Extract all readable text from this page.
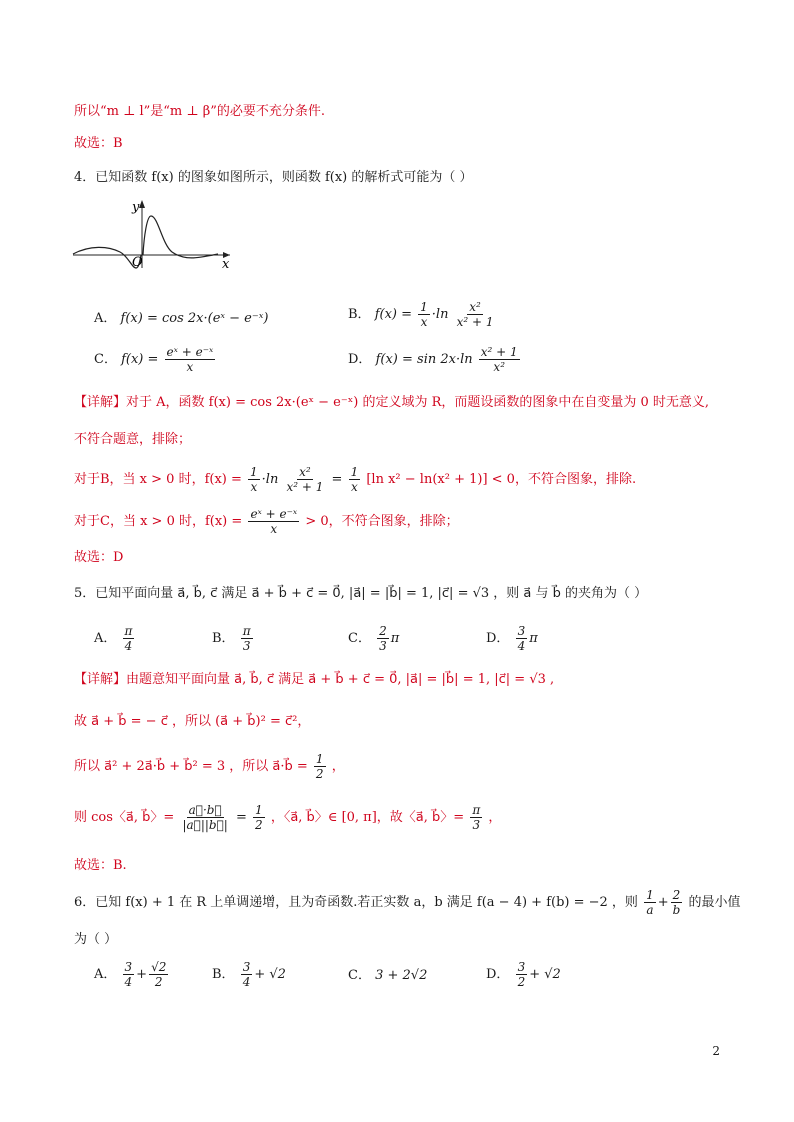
所以“m ⊥ l”是“m ⊥ β”的必要不充分条件.
故选：B
4．已知函数 f(x) 的图象如图所示，则函数 f(x) 的解析式可能为（ ）
y
x
O
A． f(x) = cos 2x·(eˣ − e⁻ˣ)	B． $f(x) = \frac{1}{x} \cdot\ln \frac{\text{x²}}{\text{x² + 1}}$
C． $f(x) = \frac{\text{eˣ + e⁻ˣ}}{x}$	D． $f(x) = \sin 2x\cdot\ln \frac{\text{x² + 1}}{\text{x²}}$
【详解】对于 A，函数 f(x) = cos 2x·(eˣ − e⁻ˣ) 的定义域为 R，而题设函数的图象中在自变量为 0 时无意义,
不符合题意，排除；
对于B，当 x > 0 时，$f(x) = \frac{1}{x} \cdot\ln \frac{\text{x²}}{\text{x² + 1}} = \frac{1}{x} [\ln$ x² − ln(x² + 1)] < 0，不符合图象，排除.
对于C，当 x > 0 时，$f(x) = \frac{\text{eˣ + e⁻ˣ}}{x} > 0$，不符合图象，排除；
故选：D
5．已知平面向量 a⃗, b⃗, c⃗ 满足 a⃗ + b⃗ + c⃗ = 0⃗, |a⃗| = |b⃗| = 1, |c⃗| = √3 ，则 a⃗ 与 b⃗ 的夹角为（ ）
A． $\frac{\pi}{4}$	B． $\frac{\pi}{3}$	C． $\frac{2}{3}$ π	D． $\frac{3}{4}$ π
【详解】由题意知平面向量 a⃗, b⃗, c⃗ 满足 a⃗ + b⃗ + c⃗ = 0⃗, |a⃗| = |b⃗| = 1, |c⃗| = √3 ,
故 a⃗ + b⃗ = − c⃗ ，所以 (a⃗ + b⃗)² = c⃗²，
所以 a⃗² + 2a⃗·b⃗ + b⃗² = 3 ，所以 a⃗·b⃗ = $\frac{1}{2}$ ，
则 cos〈a⃗, b⃗〉= $\frac{a⃗\cdot b⃗}{|a⃗||b⃗|} = \frac{1}{2}$ ，〈a⃗, b⃗〉∈ [0, π]，故〈a⃗, b⃗〉= $\frac{\pi}{3}$ ，
故选：B.
6．已知 f(x) + 1 在 R 上单调递增，且为奇函数.若正实数 a，b 满足 f(a − 4) + f(b) = −2 ，则 $\frac{1}{a} + \frac{2}{b}$ 的最小值
为（ ）
A． $\frac{3}{4} + \frac{√2}{2}$	B． $\frac{3}{4} + √2$	C． 3 + 2√2	D． $\frac{3}{2} + √2$
2
